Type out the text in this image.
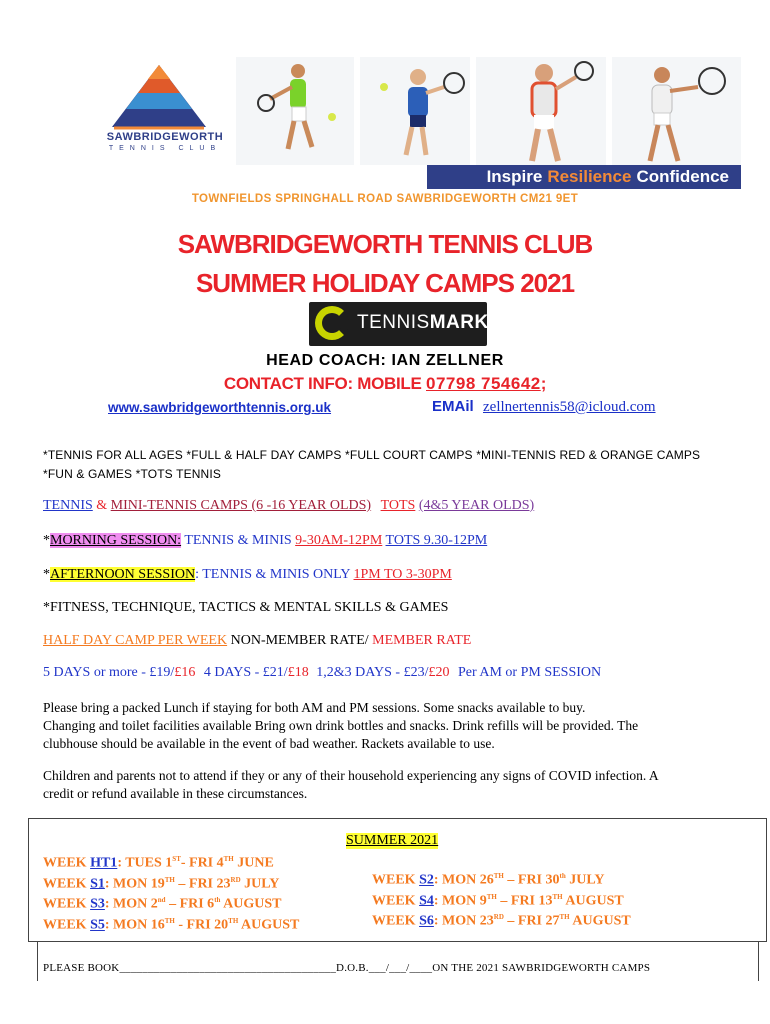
SAWBRIDGEWORTH
TENNIS CLUB
Inspire Resilience Confidence
TOWNFIELDS SPRINGHALL ROAD SAWBRIDGEWORTH CM21 9ET
SAWBRIDGEWORTH TENNIS CLUB
SUMMER HOLIDAY CAMPS 2021
TENNISMARK
HEAD COACH: IAN ZELLNER
CONTACT INFO: MOBILE 07798 754642;
www.sawbridgeworthtennis.org.uk	EMAil zellnertennis58@icloud.com
*TENNIS FOR ALL AGES *FULL & HALF DAY CAMPS *FULL COURT CAMPS *MINI-TENNIS RED & ORANGE CAMPS *FUN & GAMES *TOTS TENNIS
TENNIS & MINI-TENNIS CAMPS (6 -16 YEAR OLDS) TOTS (4&5 YEAR OLDS)
*MORNING SESSION: TENNIS & MINIS 9-30AM-12PM TOTS 9.30-12PM
*AFTERNOON SESSION: TENNIS & MINIS ONLY 1PM TO 3-30PM
*FITNESS, TECHNIQUE, TACTICS & MENTAL SKILLS & GAMES
HALF DAY CAMP PER WEEK NON-MEMBER RATE/ MEMBER RATE
5 DAYS or more - £19/£16 4 DAYS - £21/£18 1,2&3 DAYS - £23/£20 Per AM or PM SESSION
Please bring a packed Lunch if staying for both AM and PM sessions. Some snacks available to buy.
Changing and toilet facilities available Bring own drink bottles and snacks. Drink refills will be provided. The
clubhouse should be available in the event of bad weather. Rackets available to use.
Children and parents not to attend if they or any of their household experiencing any signs of COVID infection. A
credit or refund available in these circumstances.
SUMMER 2021
WEEK HT1: TUES 1ST- FRI 4TH JUNE
WEEK S1: MON 19TH – FRI 23RD JULY
WEEK S3: MON 2nd – FRI 6th AUGUST
WEEK S5: MON 16TH - FRI 20TH AUGUST
WEEK S2: MON 26TH – FRI 30th JULY
WEEK S4: MON 9TH – FRI 13TH AUGUST
WEEK S6: MON 23RD – FRI 27TH AUGUST
PLEASE BOOK______________________________________D.O.B.___/___/____ON THE 2021 SAWBRIDGEWORTH CAMPS
